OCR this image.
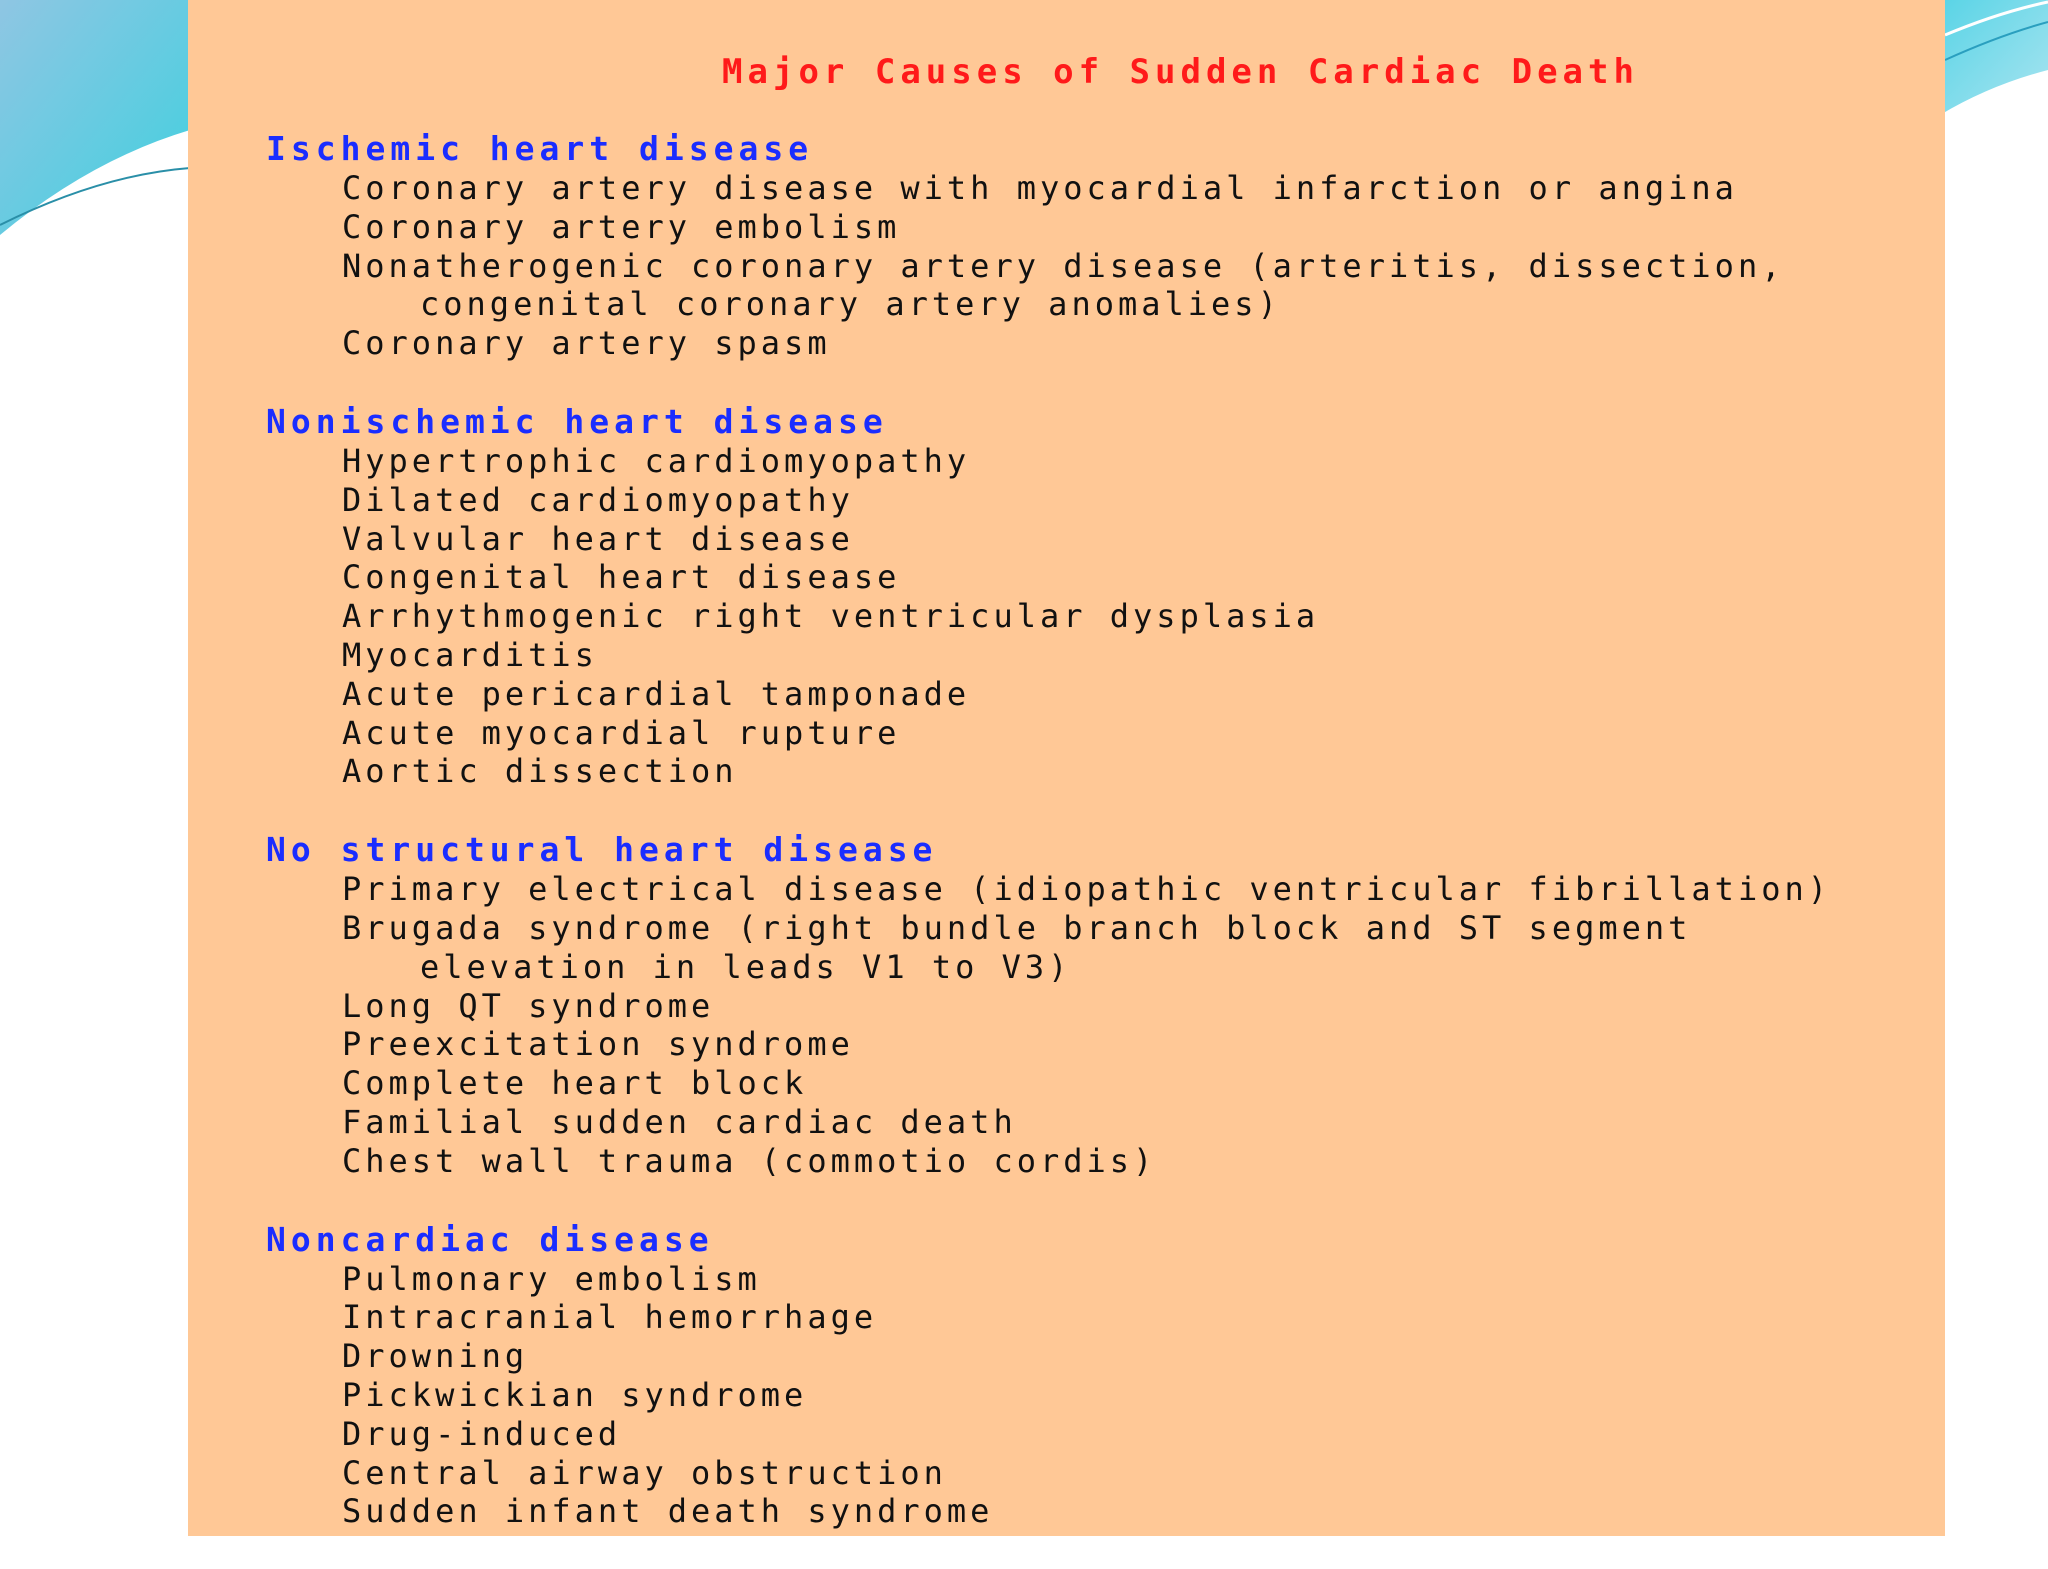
Major Causes of Sudden Cardiac Death
Ischemic heart disease
Coronary artery disease with myocardial infarction or angina
Coronary artery embolism
Nonatherogenic coronary artery disease (arteritis, dissection,
congenital coronary artery anomalies)
Coronary artery spasm
Nonischemic heart disease
Hypertrophic cardiomyopathy
Dilated cardiomyopathy
Valvular heart disease
Congenital heart disease
Arrhythmogenic right ventricular dysplasia
Myocarditis
Acute pericardial tamponade
Acute myocardial rupture
Aortic dissection
No structural heart disease
Primary electrical disease (idiopathic ventricular fibrillation)
Brugada syndrome (right bundle branch block and ST segment
elevation in leads V1 to V3)
Long QT syndrome
Preexcitation syndrome
Complete heart block
Familial sudden cardiac death
Chest wall trauma (commotio cordis)
Noncardiac disease
Pulmonary embolism
Intracranial hemorrhage
Drowning
Pickwickian syndrome
Drug-induced
Central airway obstruction
Sudden infant death syndrome
